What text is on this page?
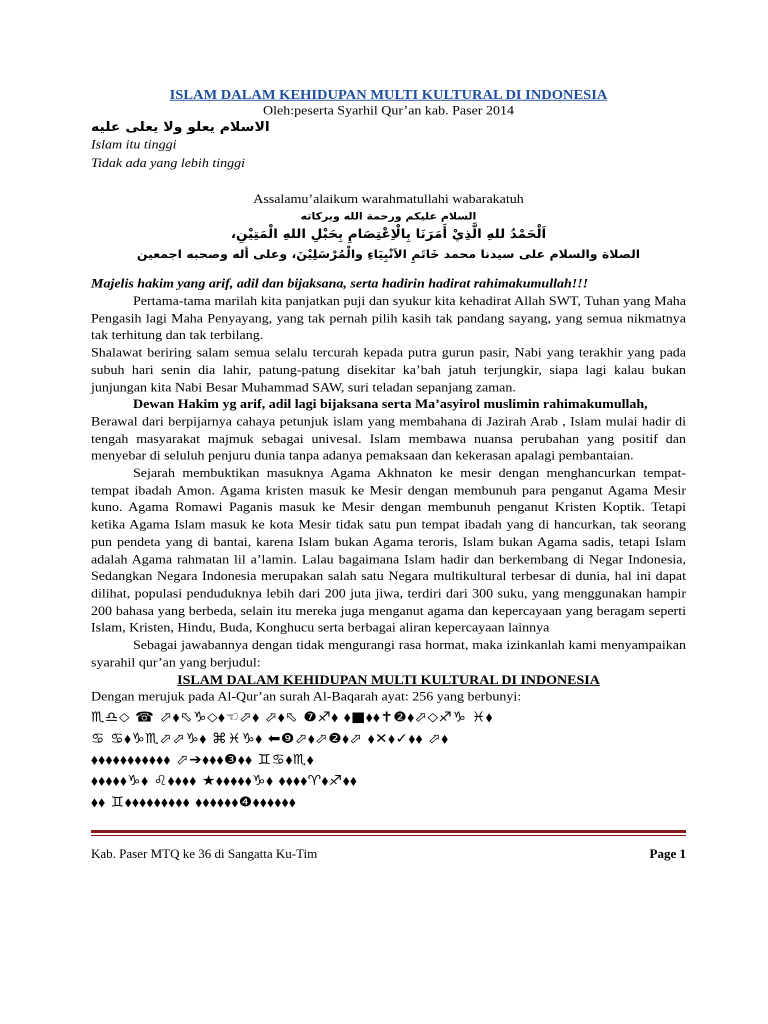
ISLAM DALAM KEHIDUPAN MULTI KULTURAL DI INDONESIA
Oleh:peserta Syarhil Qur’an kab. Paser 2014
الاسلام يعلو ولا يعلى عليه
Islam itu tinggi
Tidak ada yang lebih tinggi
Assalamu’alaikum warahmatullahi wabarakatuh
السلام عليكم ورحمة الله وبركاته
اَلْحَمْدُ للهِ الَّذِيْ أَمَرَنَا بِالْاِعْتِصَامِ بِحَبْلِ اللهِ الْمَتِيْنِ،
الصلاة والسلام على سيدنا محمد خَاتَمِ الاَنْبِيَاءِ والْمُرْسَلِيْنَ، وعلى أله وصحبه اجمعين
Majelis hakim yang arif, adil dan bijaksana, serta hadirin hadirat rahimakumullah!!!

Pertama-tama marilah kita panjatkan puji dan syukur kita kehadirat Allah SWT, Tuhan yang Maha Pengasih lagi Maha Penyayang, yang tak pernah pilih kasih tak pandang sayang, yang semua nikmatnya tak terhitung dan tak terbilang.

Shalawat beriring salam semua selalu tercurah kepada putra gurun pasir, Nabi yang terakhir yang pada subuh hari senin dia lahir, patung-patung disekitar ka’bah jatuh terjungkir, siapa lagi kalau bukan junjungan kita Nabi Besar Muhammad SAW, suri teladan sepanjang zaman.

Dewan Hakim yg arif, adil lagi bijaksana serta Ma’asyirol muslimin rahimakumullah,

Berawal dari berpijarnya cahaya petunjuk islam yang membahana di Jazirah Arab , Islam mulai hadir di tengah masyarakat majmuk sebagai univesal. Islam membawa nuansa perubahan yang positif dan menyebar di seluluh penjuru dunia tanpa adanya pemaksaan dan kekerasan apalagi pembantaian.

Sejarah membuktikan masuknya Agama Akhnaton ke mesir dengan menghancurkan tempat-tempat ibadah Amon. Agama kristen masuk ke Mesir dengan membunuh para penganut Agama Mesir kuno. Agama Romawi Paganis masuk ke Mesir dengan membunuh penganut Kristen Koptik. Tetapi ketika Agama Islam masuk ke kota Mesir tidak satu pun tempat ibadah yang di hancurkan, tak seorang pun pendeta yang di bantai, karena Islam bukan Agama teroris, Islam bukan Agama sadis, tetapi Islam adalah Agama rahmatan lil a’lamin. Lalau bagaimana Islam hadir dan berkembang di Negar Indonesia, Sedangkan Negara Indonesia merupakan salah satu Negara multikultural terbesar di dunia, hal ini dapat dilihat, populasi penduduknya lebih dari 200 juta jiwa, terdiri dari 300 suku, yang menggunakan hampir 200 bahasa yang berbeda, selain itu mereka juga menganut agama dan kepercayaan yang beragam seperti Islam, Kristen, Hindu, Buda, Konghucu serta berbagai aliran kepercayaan lainnya

Sebagai jawabannya dengan tidak mengurangi rasa hormat, maka izinkanlah kami menyampaikan syarahil qur’an yang berjudul:

ISLAM DALAM KEHIDUPAN MULTI KULTURAL DI INDONESIA
Dengan merujuk pada Al-Qur’an surah Al-Baqarah ayat: 256 yang berbunyi:
♏♎⬦ ☎ ⬀⬧⬁♑⬦⬧☜⬀⬧ ⬀⬧⬁ ❼♐⬧ ⬧■⬧⬧✝❷⬧⬀⬦♐♑ ♓⬧
♋ ♋⬧♑♏⬀⬀♑⬧ ⌘♓♑⬧ ⬅❾⬀⬧⬀❷⬧⬀ ⬧✕⬧✓⬧⬧ ⬀⬧
⬧⬧⬧⬧⬧⬧⬧⬧⬧⬧⬧ ⬀➔⬧⬧⬧❸⬧⬧ ♊♋⬧♏⬧
⬧⬧⬧⬧⬧♑⬧ ♌⬧⬧⬧⬧ ★⬧⬧⬧⬧⬧♑⬧ ⬧⬧⬧⬧♈⬧♐⬧⬧
⬧⬧ ♊⬧⬧⬧⬧⬧⬧⬧⬧⬧ ⬧⬧⬧⬧⬧⬧❹⬧⬧⬧⬧⬧⬧
Kab. Paser MTQ ke 36 di Sangatta Ku-Tim	Page 1
